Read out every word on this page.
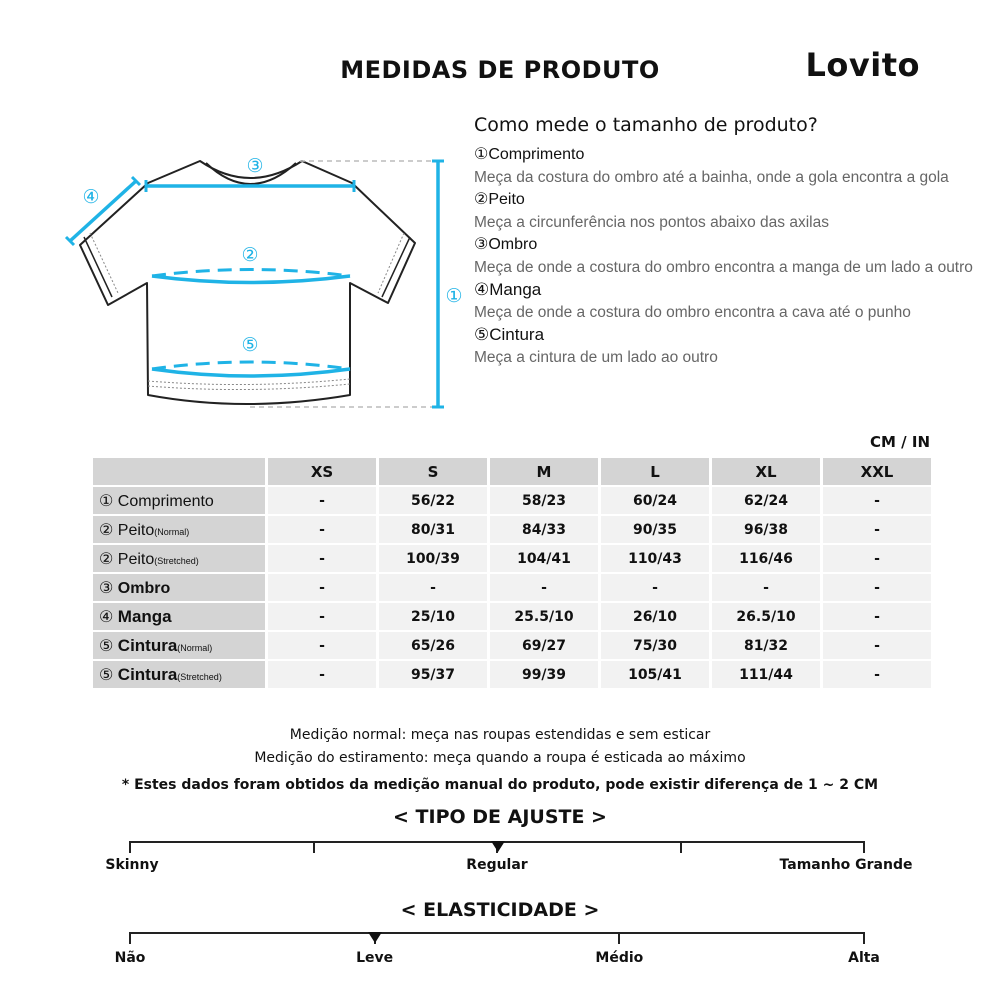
MEDIDAS DE PRODUTO	Lovito
③
④
②
⑤
①
Como mede o tamanho de produto?
①Comprimento
Meça da costura do ombro até a bainha, onde a gola encontra a gola
②Peito
Meça a circunferência nos pontos abaixo das axilas
③Ombro
Meça de onde a costura do ombro encontra a manga de um lado a outro
④Manga
Meça de onde a costura do ombro encontra a cava até o punho
⑤Cintura
Meça a cintura de um lado ao outro
CM / IN
	XS	S	M	L	XL	XXL
① Comprimento	-	56/22	58/23	60/24	62/24	-
② Peito(Normal)	-	80/31	84/33	90/35	96/38	-
② Peito(Stretched)	-	100/39	104/41	110/43	116/46	-
③ Ombro	-	-	-	-	-	-
④ Manga	-	25/10	25.5/10	26/10	26.5/10	-
⑤ Cintura(Normal)	-	65/26	69/27	75/30	81/32	-
⑤ Cintura(Stretched)	-	95/37	99/39	105/41	111/44	-
Medição normal: meça nas roupas estendidas e sem esticar
Medição do estiramento: meça quando a roupa é esticada ao máximo
* Estes dados foram obtidos da medição manual do produto, pode existir diferença de 1 ~ 2 CM
< TIPO DE AJUSTE >
Skinny	Regular	Tamanho Grande
< ELASTICIDADE >
Não	Leve	Médio	Alta
